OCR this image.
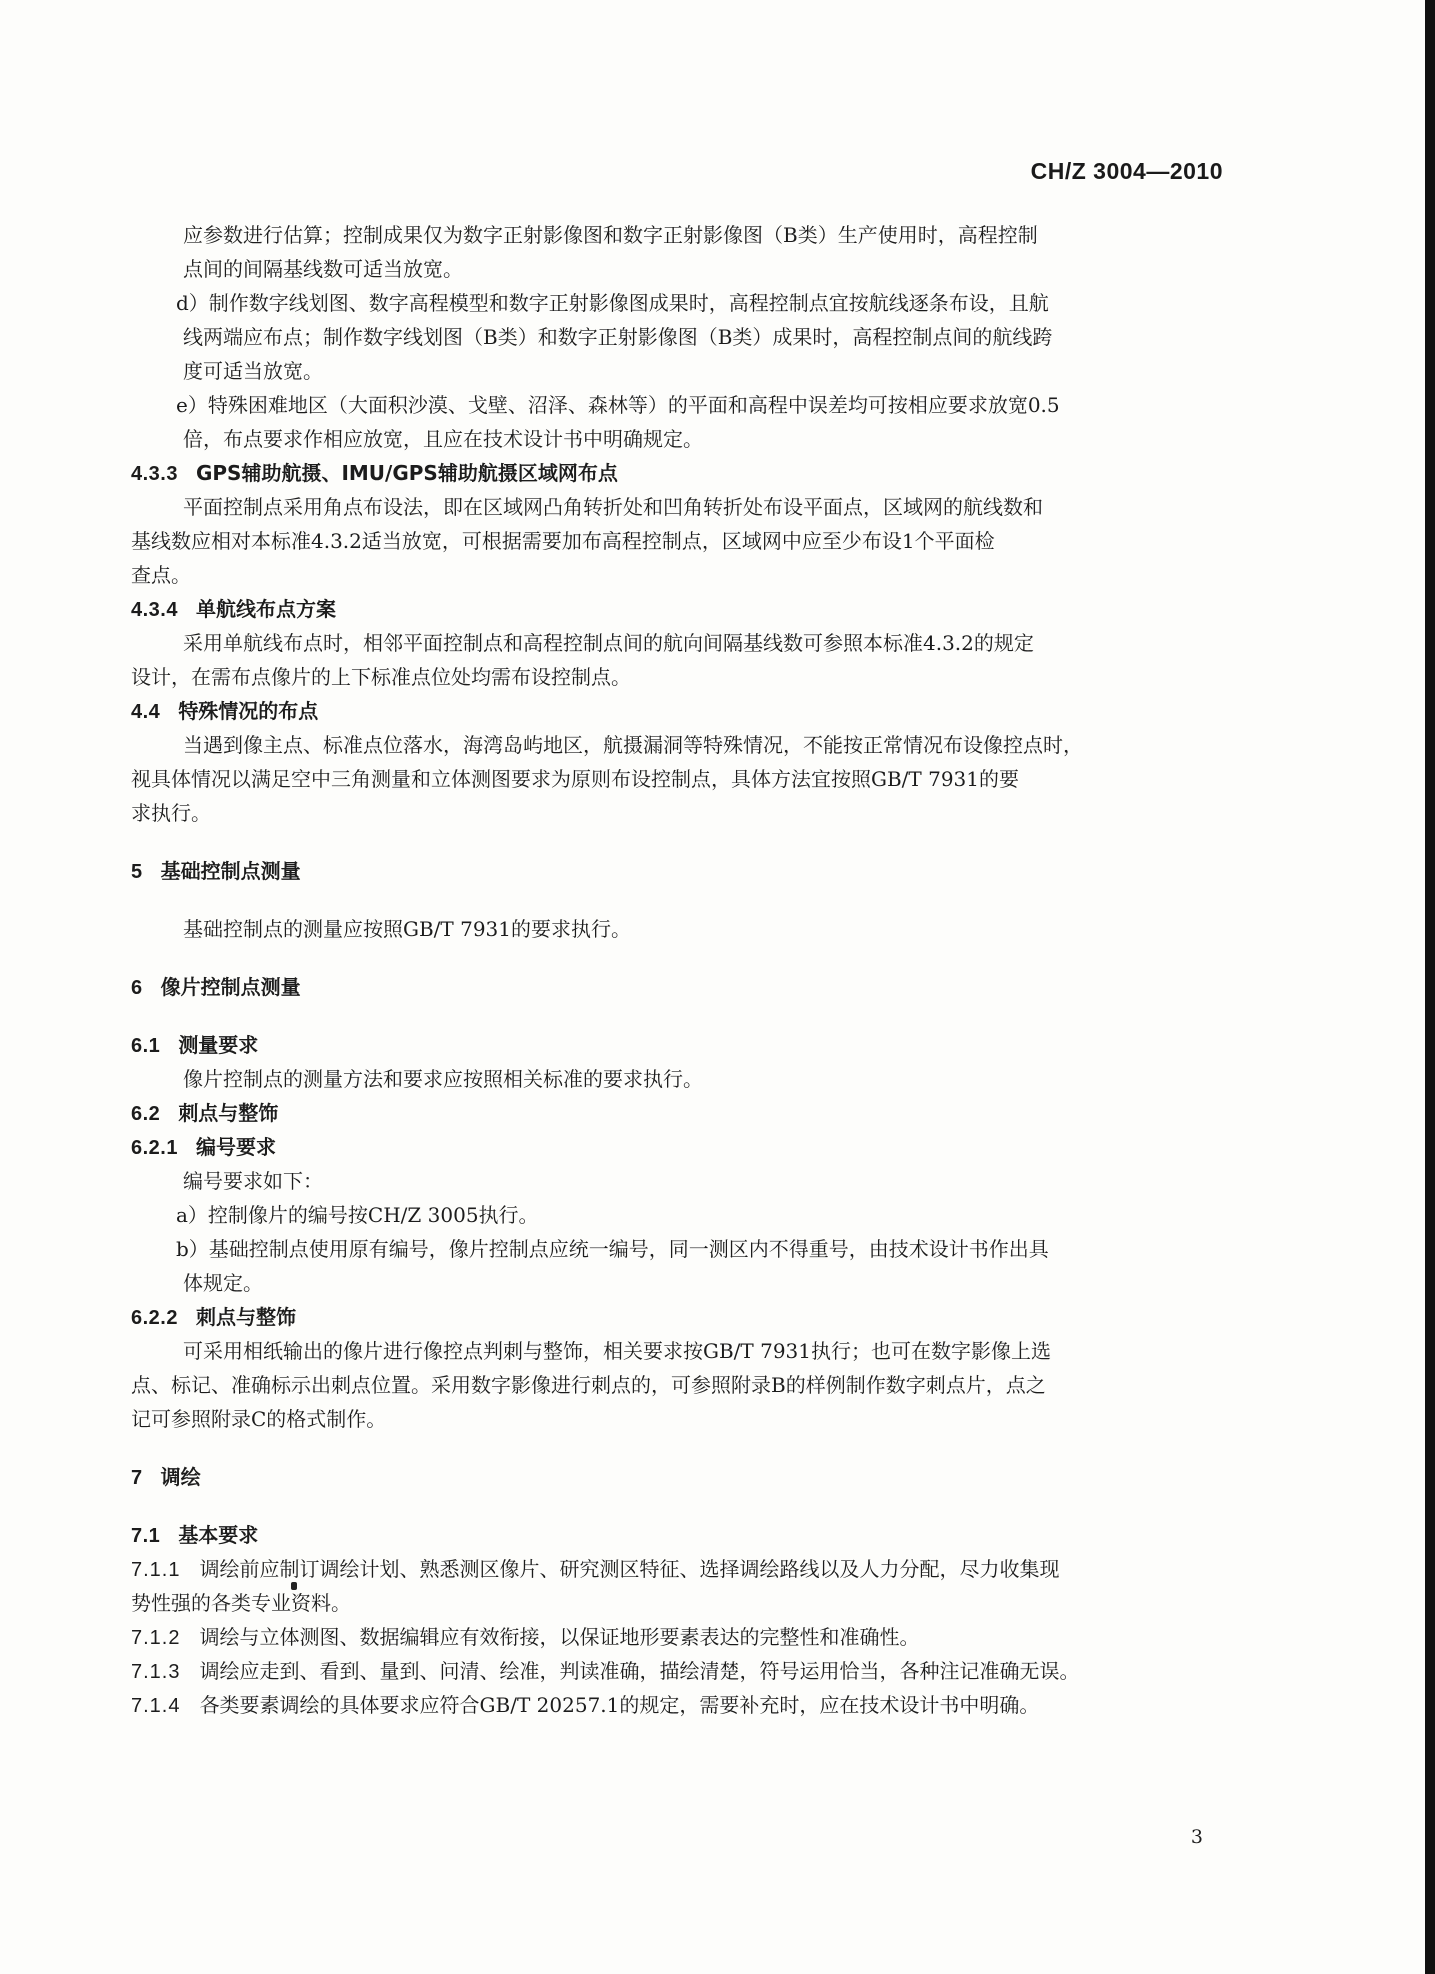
CH/Z 3004—2010
应参数进行估算；控制成果仅为数字正射影像图和数字正射影像图（B类）生产使用时，高程控制
点间的间隔基线数可适当放宽。
d）制作数字线划图、数字高程模型和数字正射影像图成果时，高程控制点宜按航线逐条布设，且航
线两端应布点；制作数字线划图（B类）和数字正射影像图（B类）成果时，高程控制点间的航线跨
度可适当放宽。
e）特殊困难地区（大面积沙漠、戈壁、沼泽、森林等）的平面和高程中误差均可按相应要求放宽0.5
倍，布点要求作相应放宽，且应在技术设计书中明确规定。
4.3.3 GPS辅助航摄、IMU/GPS辅助航摄区域网布点
平面控制点采用角点布设法，即在区域网凸角转折处和凹角转折处布设平面点，区域网的航线数和
基线数应相对本标准4.3.2适当放宽，可根据需要加布高程控制点，区域网中应至少布设1个平面检
查点。
4.3.4 单航线布点方案
采用单航线布点时，相邻平面控制点和高程控制点间的航向间隔基线数可参照本标准4.3.2的规定
设计，在需布点像片的上下标准点位处均需布设控制点。
4.4 特殊情况的布点
当遇到像主点、标准点位落水，海湾岛屿地区，航摄漏洞等特殊情况，不能按正常情况布设像控点时，
视具体情况以满足空中三角测量和立体测图要求为原则布设控制点，具体方法宜按照GB/T 7931的要
求执行。
5 基础控制点测量
基础控制点的测量应按照GB/T 7931的要求执行。
6 像片控制点测量
6.1 测量要求
像片控制点的测量方法和要求应按照相关标准的要求执行。
6.2 刺点与整饰
6.2.1 编号要求
编号要求如下：
a）控制像片的编号按CH/Z 3005执行。
b）基础控制点使用原有编号，像片控制点应统一编号，同一测区内不得重号，由技术设计书作出具
体规定。
6.2.2 刺点与整饰
可采用相纸输出的像片进行像控点判刺与整饰，相关要求按GB/T 7931执行；也可在数字影像上选
点、标记、准确标示出刺点位置。采用数字影像进行刺点的，可参照附录B的样例制作数字刺点片，点之
记可参照附录C的格式制作。
7 调绘
7.1 基本要求
7.1.1 调绘前应制订调绘计划、熟悉测区像片、研究测区特征、选择调绘路线以及人力分配，尽力收集现
势性强的各类专业资料。
7.1.2 调绘与立体测图、数据编辑应有效衔接，以保证地形要素表达的完整性和准确性。
7.1.3 调绘应走到、看到、量到、问清、绘准，判读准确，描绘清楚，符号运用恰当，各种注记准确无误。
7.1.4 各类要素调绘的具体要求应符合GB/T 20257.1的规定，需要补充时，应在技术设计书中明确。
3
